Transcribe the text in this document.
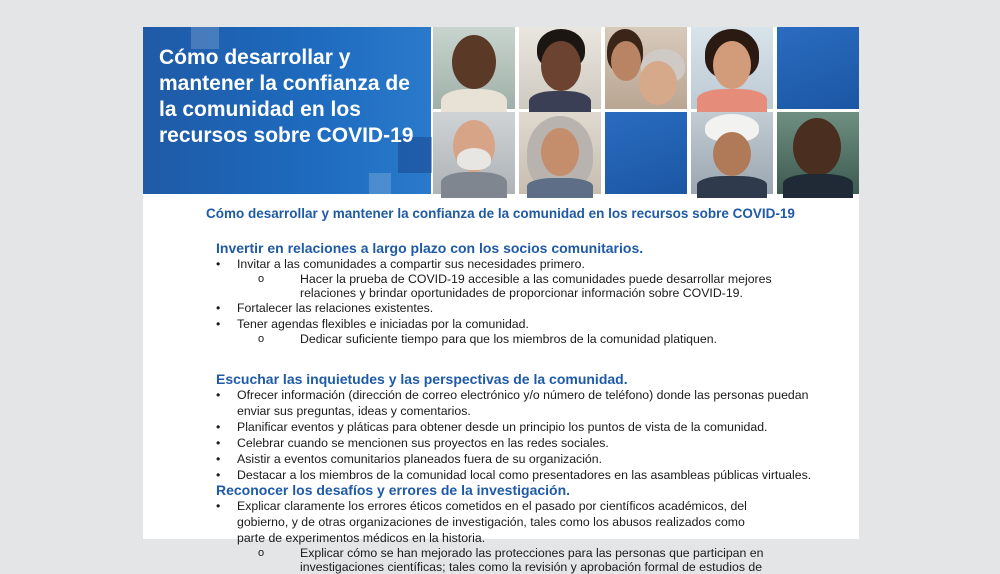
Cómo desarrollar y mantener la confianza de la comunidad en los recursos sobre COVID-19

Cómo desarrollar y mantener la confianza de la comunidad en los recursos sobre COVID-19

Invertir en relaciones a largo plazo con los socios comunitarios.
• Invitar a las comunidades a compartir sus necesidades primero.
o	Hacer la prueba de COVID-19 accesible a las comunidades puede desarrollar mejores relaciones y brindar oportunidades de proporcionar información sobre COVID-19.
• Fortalecer las relaciones existentes.
• Tener agendas flexibles e iniciadas por la comunidad.
o	Dedicar suficiente tiempo para que los miembros de la comunidad platiquen.
Escuchar las inquietudes y las perspectivas de la comunidad.
• Ofrecer información (dirección de correo electrónico y/o número de teléfono) donde las personas puedan enviar sus preguntas, ideas y comentarios.
• Planificar eventos y pláticas para obtener desde un principio los puntos de vista de la comunidad.
• Celebrar cuando se mencionen sus proyectos en las redes sociales.
• Asistir a eventos comunitarios planeados fuera de su organización.
• Destacar a los miembros de la comunidad local como presentadores en las asambleas públicas virtuales.
Reconocer los desafíos y errores de la investigación.
• Explicar claramente los errores éticos cometidos en el pasado por científicos académicos, del gobierno, y de otras organizaciones de investigación, tales como los abusos realizados como parte de experimentos médicos en la historia.
o	Explicar cómo se han mejorado las protecciones para las personas que participan en investigaciones científicas; tales como la revisión y aprobación formal de estudios de
